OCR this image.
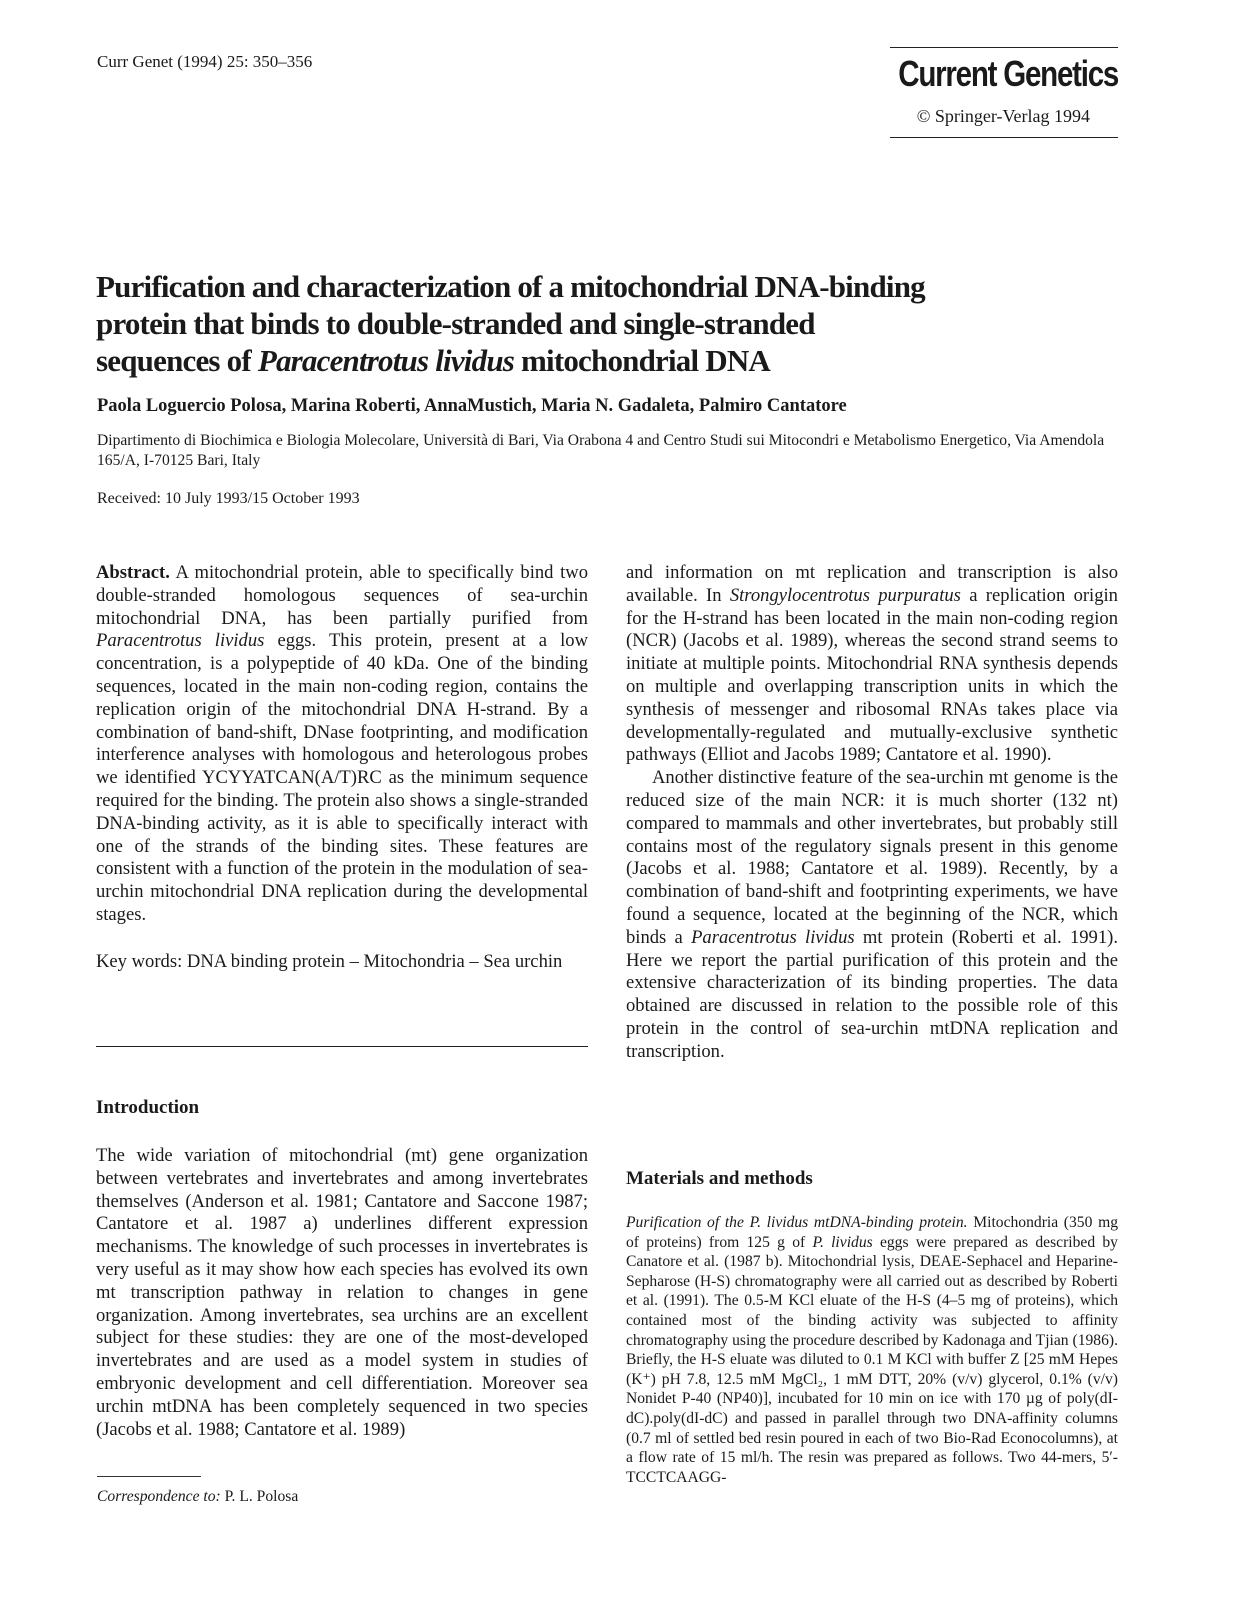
Curr Genet (1994) 25: 350–356	Current Genetics
© Springer-Verlag 1994
Purification and characterization of a mitochondrial DNA-binding
protein that binds to double-stranded and single-stranded
sequences of Paracentrotus lividus mitochondrial DNA
Paola Loguercio Polosa, Marina Roberti, AnnaMustich, Maria N. Gadaleta, Palmiro Cantatore
Dipartimento di Biochimica e Biologia Molecolare, Università di Bari, Via Orabona 4 and Centro Studi sui Mitocondri e Metabolismo Energetico, Via Amendola 165/A, I-70125 Bari, Italy
Received: 10 July 1993/15 October 1993

Abstract. A mitochondrial protein, able to specifically bind two double-stranded homologous sequences of sea-urchin mitochondrial DNA, has been partially purified from Paracentrotus lividus eggs. This protein, present at a low concentration, is a polypeptide of 40 kDa. One of the binding sequences, located in the main non-coding region, contains the replication origin of the mitochondrial DNA H-strand. By a combination of band-shift, DNase footprinting, and modification interference analyses with homologous and heterologous probes we identified YCYYATCAN(A/T)RC as the minimum sequence required for the binding. The protein also shows a single-stranded DNA-binding activity, as it is able to specifically interact with one of the strands of the binding sites. These features are consistent with a function of the protein in the modulation of sea-urchin mitochondrial DNA replication during the developmental stages.

Key words: DNA binding protein – Mitochondria – Sea urchin

Introduction

The wide variation of mitochondrial (mt) gene organization between vertebrates and invertebrates and among invertebrates themselves (Anderson et al. 1981; Cantatore and Saccone 1987; Cantatore et al. 1987 a) underlines different expression mechanisms. The knowledge of such processes in invertebrates is very useful as it may show how each species has evolved its own mt transcription pathway in relation to changes in gene organization. Among invertebrates, sea urchins are an excellent subject for these studies: they are one of the most-developed invertebrates and are used as a model system in studies of embryonic development and cell differentiation. Moreover sea urchin mtDNA has been completely sequenced in two species (Jacobs et al. 1988; Cantatore et al. 1989)

Correspondence to: P. L. Polosa

and information on mt replication and transcription is also available. In Strongylocentrotus purpuratus a replication origin for the H-strand has been located in the main non-coding region (NCR) (Jacobs et al. 1989), whereas the second strand seems to initiate at multiple points. Mitochondrial RNA synthesis depends on multiple and overlapping transcription units in which the synthesis of messenger and ribosomal RNAs takes place via developmentally-regulated and mutually-exclusive synthetic pathways (Elliot and Jacobs 1989; Cantatore et al. 1990).

Another distinctive feature of the sea-urchin mt genome is the reduced size of the main NCR: it is much shorter (132 nt) compared to mammals and other invertebrates, but probably still contains most of the regulatory signals present in this genome (Jacobs et al. 1988; Cantatore et al. 1989). Recently, by a combination of band-shift and footprinting experiments, we have found a sequence, located at the beginning of the NCR, which binds a Paracentrotus lividus mt protein (Roberti et al. 1991). Here we report the partial purification of this protein and the extensive characterization of its binding properties. The data obtained are discussed in relation to the possible role of this protein in the control of sea-urchin mtDNA replication and transcription.

Materials and methods

Purification of the P. lividus mtDNA-binding protein. Mitochondria (350 mg of proteins) from 125 g of P. lividus eggs were prepared as described by Canatore et al. (1987 b). Mitochondrial lysis, DEAE-Sephacel and Heparine-Sepharose (H-S) chromatography were all carried out as described by Roberti et al. (1991). The 0.5-M KCl eluate of the H-S (4–5 mg of proteins), which contained most of the binding activity was subjected to affinity chromatography using the procedure described by Kadonaga and Tjian (1986). Briefly, the H-S eluate was diluted to 0.1 M KCl with buffer Z [25 mM Hepes (K⁺) pH 7.8, 12.5 mM MgCl₂, 1 mM DTT, 20% (v/v) glycerol, 0.1% (v/v) Nonidet P-40 (NP40)], incubated for 10 min on ice with 170 µg of poly(dI-dC).poly(dI-dC) and passed in parallel through two DNA-affinity columns (0.7 ml of settled bed resin poured in each of two Bio-Rad Econocolumns), at a flow rate of 15 ml/h. The resin was prepared as follows. Two 44-mers, 5′-TCCTCAAGG-
